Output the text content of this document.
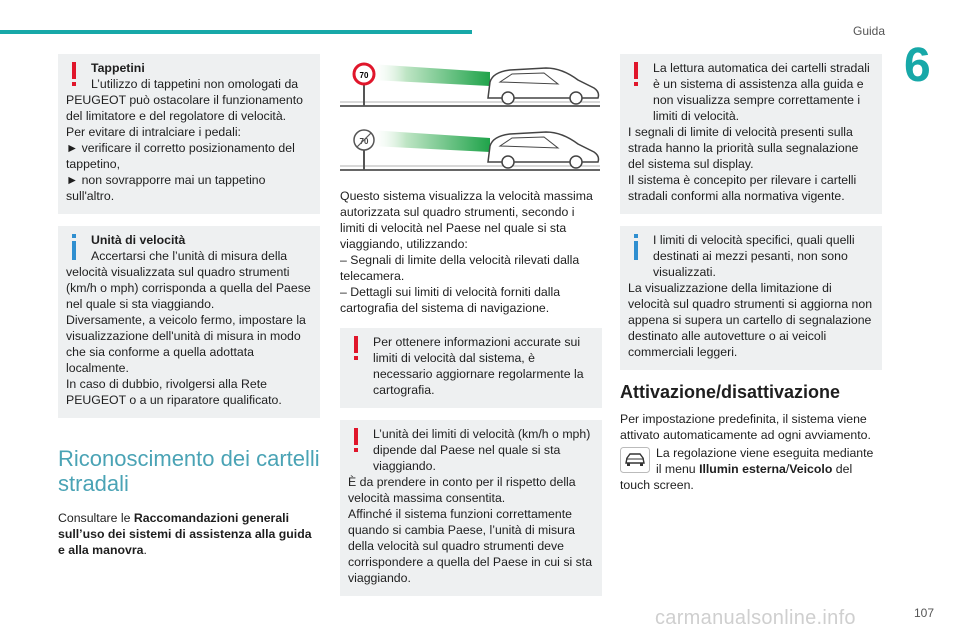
Guida
6

Tappetini

L’utilizzo di tappetini non omologati da

PEUGEOT può ostacolare il funzionamento del limitatore e del regolatore di velocità.

Per evitare di intralciare i pedali:

► verificare il corretto posizionamento del tappetino,

► non sovrapporre mai un tappetino sull'altro.

Unità di velocità

Accertarsi che l’unità di misura della

velocità visualizzata sul quadro strumenti (km/h o mph) corrisponda a quella del Paese nel quale si sta viaggiando.

Diversamente, a veicolo fermo, impostare la visualizzazione dell'unità di misura in modo che sia conforme a quella adottata localmente.

In caso di dubbio, rivolgersi alla Rete PEUGEOT o a un riparatore qualificato.

Riconoscimento dei cartelli stradali
Consultare le Raccomandazioni generali sull’uso dei sistemi di assistenza alla guida e alla manovra.
70
70

Questo sistema visualizza la velocità massima autorizzata sul quadro strumenti, secondo i limiti di velocità nel Paese nel quale si sta viaggiando, utilizzando:

– Segnali di limite della velocità rilevati dalla telecamera.

– Dettagli sui limiti di velocità forniti dalla cartografia del sistema di navigazione.

Per ottenere informazioni accurate sui

limiti di velocità dal sistema, è necessario aggiornare regolarmente la cartografia.

L’unità dei limiti di velocità (km/h o mph)

dipende dal Paese nel quale si sta viaggiando.

È da prendere in conto per il rispetto della velocità massima consentita.

Affinché il sistema funzioni correttamente quando si cambia Paese, l’unità di misura della velocità sul quadro strumenti deve corrispondere a quella del Paese in cui si sta viaggiando.

La lettura automatica dei cartelli stradali

è un sistema di assistenza alla guida e non visualizza sempre correttamente i limiti di velocità.

I segnali di limite di velocità presenti sulla strada hanno la priorità sulla segnalazione del sistema sul display.

Il sistema è concepito per rilevare i cartelli stradali conformi alla normativa vigente.

I limiti di velocità specifici, quali quelli

destinati ai mezzi pesanti, non sono visualizzati.

La visualizzazione della limitazione di velocità sul quadro strumenti si aggiorna non appena si supera un cartello di segnalazione destinato alle autovetture o ai veicoli commerciali leggeri.

Attivazione/disattivazione

Per impostazione predefinita, il sistema viene attivato automaticamente ad ogni avviamento.

La regolazione viene eseguita mediante il menu Illumin esterna/Veicolo del touch screen.

carmanualsonline.info	107
